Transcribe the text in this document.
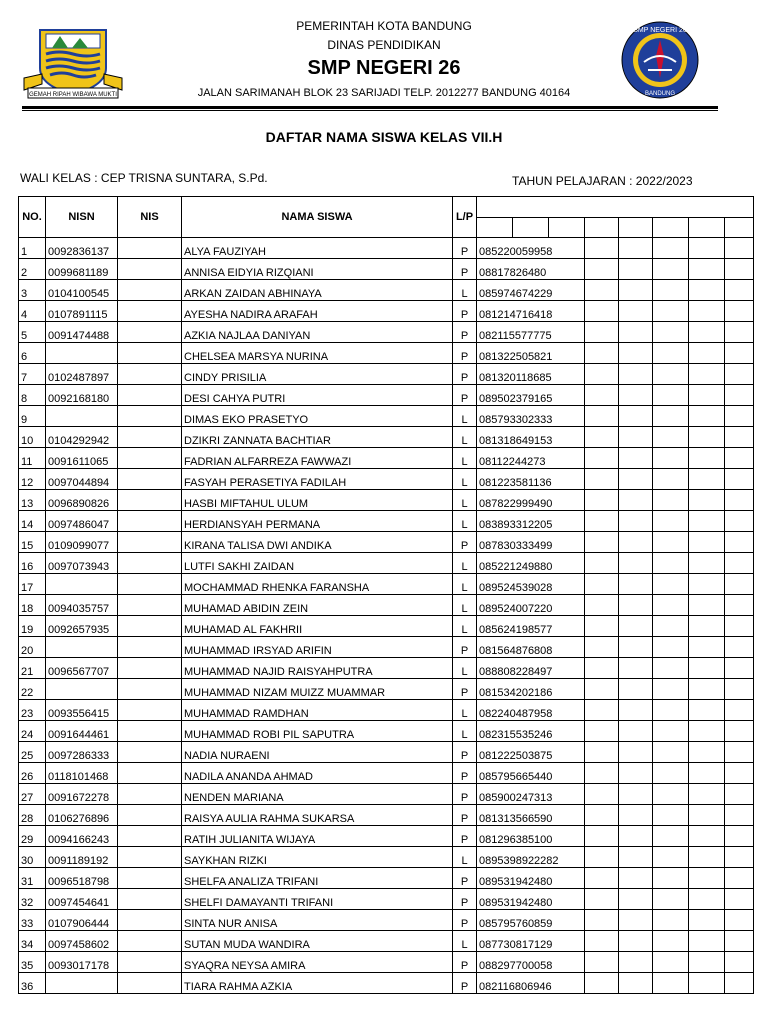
GEMAH RIPAH WIBAWA MUKTI
PEMERINTAH KOTA BANDUNG
DINAS PENDIDIKAN
SMP NEGERI 26
JALAN SARIMANAH BLOK 23 SARIJADI TELP. 2012277 BANDUNG 40164
SMP NEGERI 26
BANDUNG
DAFTAR NAMA SISWA KELAS VII.H
WALI KELAS : CEP TRISNA SUNTARA, S.Pd.	TAHUN PELAJARAN : 2022/2023
NO.	NISN	NIS	NAMA SISWA	L/P								

1	0092836137		ALYA FAUZIYAH	P	085220059958							
2	0099681189		ANNISA EIDYIA RIZQIANI	P	08817826480							
3	0104100545		ARKAN ZAIDAN ABHINAYA	L	085974674229							
4	0107891115		AYESHA NADIRA ARAFAH	P	081214716418							
5	0091474488		AZKIA NAJLAA DANIYAN	P	082115577775							
6			CHELSEA MARSYA NURINA	P	081322505821							
7	0102487897		CINDY PRISILIA	P	081320118685							
8	0092168180		DESI CAHYA PUTRI	P	089502379165							
9			DIMAS EKO PRASETYO	L	085793302333							
10	0104292942		DZIKRI ZANNATA BACHTIAR	L	081318649153							
11	0091611065		FADRIAN ALFARREZA FAWWAZI	L	08112244273							
12	0097044894		FASYAH PERASETIYA FADILAH	L	081223581136							
13	0096890826		HASBI MIFTAHUL ULUM	L	087822999490							
14	0097486047		HERDIANSYAH PERMANA	L	083893312205							
15	0109099077		KIRANA TALISA DWI ANDIKA	P	087830333499							
16	0097073943		LUTFI SAKHI ZAIDAN	L	085221249880							
17			MOCHAMMAD RHENKA FARANSHA	L	089524539028							
18	0094035757		MUHAMAD ABIDIN ZEIN	L	089524007220							
19	0092657935		MUHAMAD AL FAKHRII	L	085624198577							
20			MUHAMMAD IRSYAD ARIFIN	P	081564876808							
21	0096567707		MUHAMMAD NAJID RAISYAHPUTRA	L	088808228497							
22			MUHAMMAD NIZAM MUIZZ MUAMMAR	P	081534202186							
23	0093556415		MUHAMMAD RAMDHAN	L	082240487958							
24	0091644461		MUHAMMAD ROBI PIL SAPUTRA	L	082315535246							
25	0097286333		NADIA NURAENI	P	081222503875							
26	0118101468		NADILA ANANDA AHMAD	P	085795665440							
27	0091672278		NENDEN MARIANA	P	085900247313							
28	0106276896		RAISYA AULIA RAHMA SUKARSA	P	081313566590							
29	0094166243		RATIH JULIANITA WIJAYA	P	081296385100							
30	0091189192		SAYKHAN RIZKI	L	0895398922282							
31	0096518798		SHELFA ANALIZA TRIFANI	P	089531942480							
32	0097454641		SHELFI DAMAYANTI TRIFANI	P	089531942480							
33	0107906444		SINTA NUR ANISA	P	085795760859							
34	0097458602		SUTAN MUDA WANDIRA	L	087730817129							
35	0093017178		SYAQRA NEYSA AMIRA	P	088297700058							
36			TIARA RAHMA AZKIA	P	082116806946							
